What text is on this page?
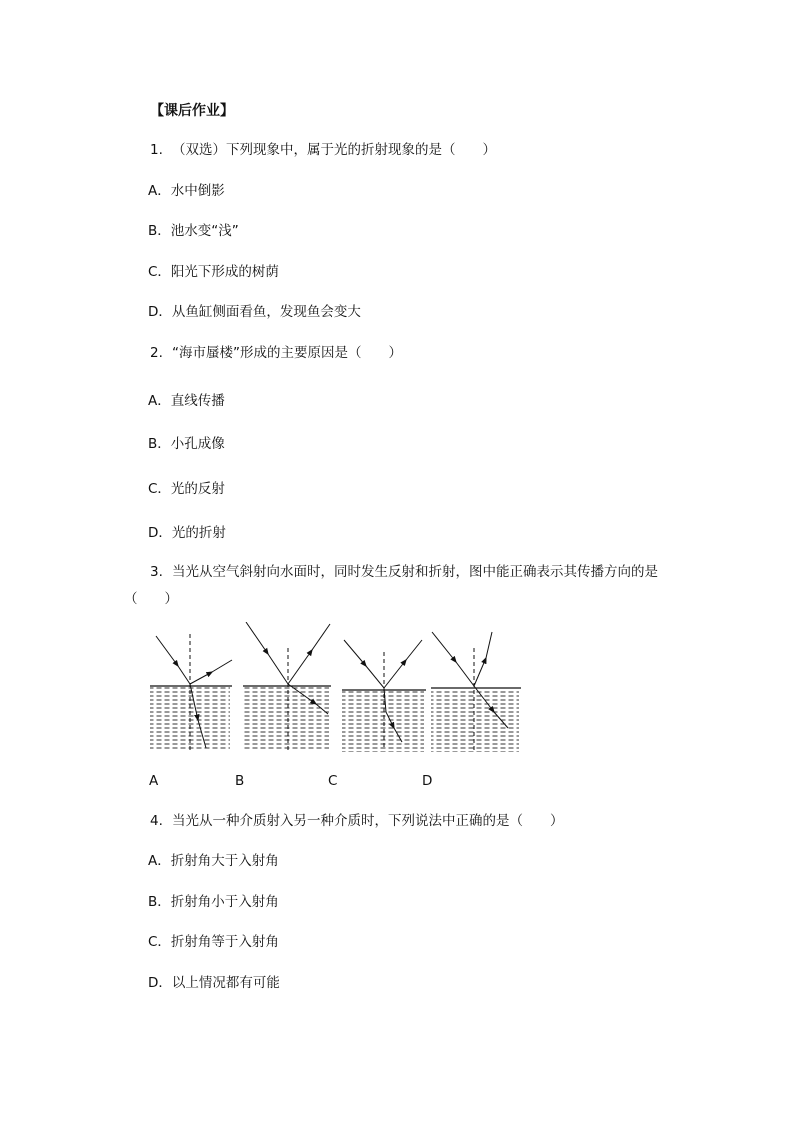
【课后作业】
1. （双选）下列现象中，属于光的折射现象的是（　　）
A．水中倒影
B．池水变“浅”
C．阳光下形成的树荫
D．从鱼缸侧面看鱼，发现鱼会变大
2. “海市蜃楼”形成的主要原因是（　　）
A．直线传播
B．小孔成像
C．光的反射
D．光的折射
3. 当光从空气斜射向水面时，同时发生反射和折射，图中能正确表示其传播方向的是
（　　）
A	B	C	D
4. 当光从一种介质射入另一种介质时，下列说法中正确的是（　　）
A．折射角大于入射角
B．折射角小于入射角
C．折射角等于入射角
D．以上情况都有可能
